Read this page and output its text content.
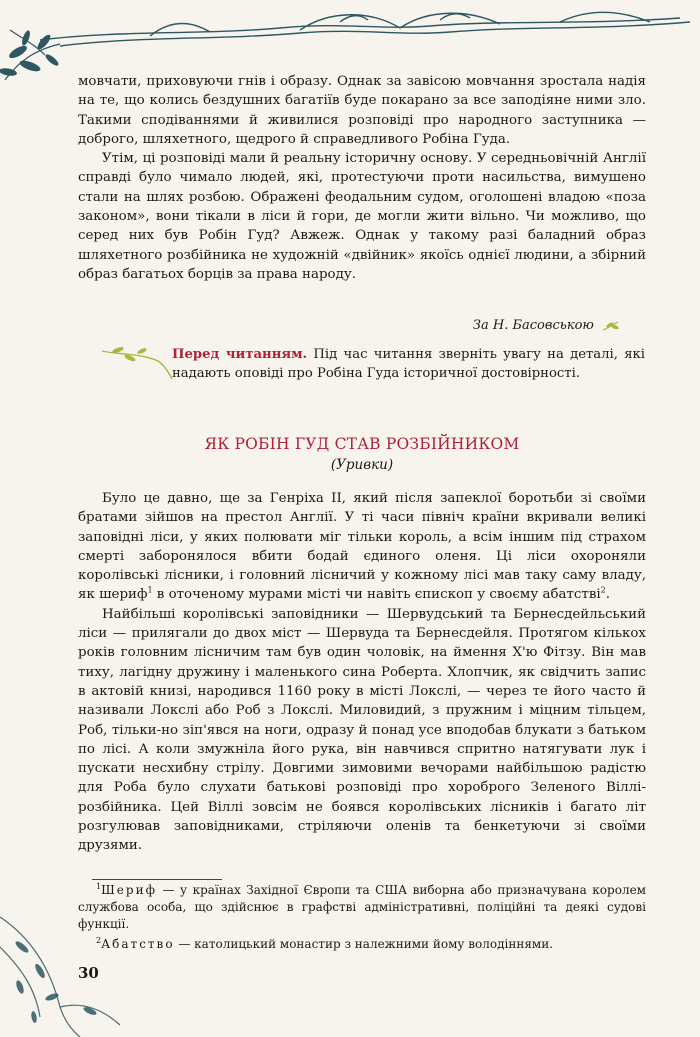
мовчати, приховуючи гнів і образу. Однак за завісою мовчання зростала надія на те, що колись бездушних багатіїв буде покарано за все заподіяне ними зло. Такими сподіваннями й живилися розповіді про народного заступника — доброго, шляхетного, щедрого й справедливого Робіна Гуда.

Утім, ці розповіді мали й реальну історичну основу. У середньовічній Англії справді було чимало людей, які, протестуючи проти насильства, вимушено стали на шлях розбою. Ображені феодальним судом, оголошені владою «поза законом», вони тікали в ліси й гори, де могли жити вільно. Чи можливо, що серед них був Робін Гуд? Авжеж. Однак у такому разі баладний образ шляхетного розбійника не художній «двійник» якоїсь однієї людини, а збірний образ багатьох борців за права народу.

За Н. Басовською
Перед читанням. Під час читання зверніть увагу на деталі, які надають оповіді про Робіна Гуда історичної достовірності.
ЯК РОБІН ГУД СТАВ РОЗБІЙНИКОМ
(Уривки)

Було це давно, ще за Генріха ІІ, який після запеклої боротьби зі своїми братами зійшов на престол Англії. У ті часи північ країни вкривали великі заповідні ліси, у яких полювати міг тільки король, а всім іншим під страхом смерті заборонялося вбити бодай єдиного оленя. Ці ліси охороняли королівські лісники, і головний лісничий у кожному лісі мав таку саму владу, як шериф$^1$ в оточеному мурами місті чи навіть єпископ у своєму абатстві$^2$.

Найбільші королівські заповідники — Шервудський та Бернесдейльський ліси — прилягали до двох міст — Шервуда та Бернесдейля. Протягом кількох років головним лісничим там був один чоловік, на ймення Х'ю Фітзу. Він мав тиху, лагідну дружину і маленького сина Роберта. Хлопчик, як свідчить запис в актовій книзі, народився 1160 року в місті Локслі, — через те його часто й називали Локслі або Роб з Локслі. Миловидий, з пружним і міцним тільцем, Роб, тільки-но зіп'явся на ноги, одразу й понад усе вподобав блукати з батьком по лісі. А коли змужніла його рука, він навчився спритно натягувати лук і пускати несхибну стрілу. Довгими зимовими вечорами найбільшою радістю для Роба було слухати батькові розповіді про хороброго Зеленого Віллі-розбійника. Цей Віллі зовсім не боявся королівських лісників і багато літ розгулював заповідниками, стріляючи оленів та бенкетуючи зі своїми друзями.

$^1$Шериф — у країнах Західної Європи та США виборна або призначувана королем службова особа, що здійснює в графстві адміністративні, поліційні та деякі судові функції.

$^2$Абатство — католицький монастир з належними йому володіннями.

30
